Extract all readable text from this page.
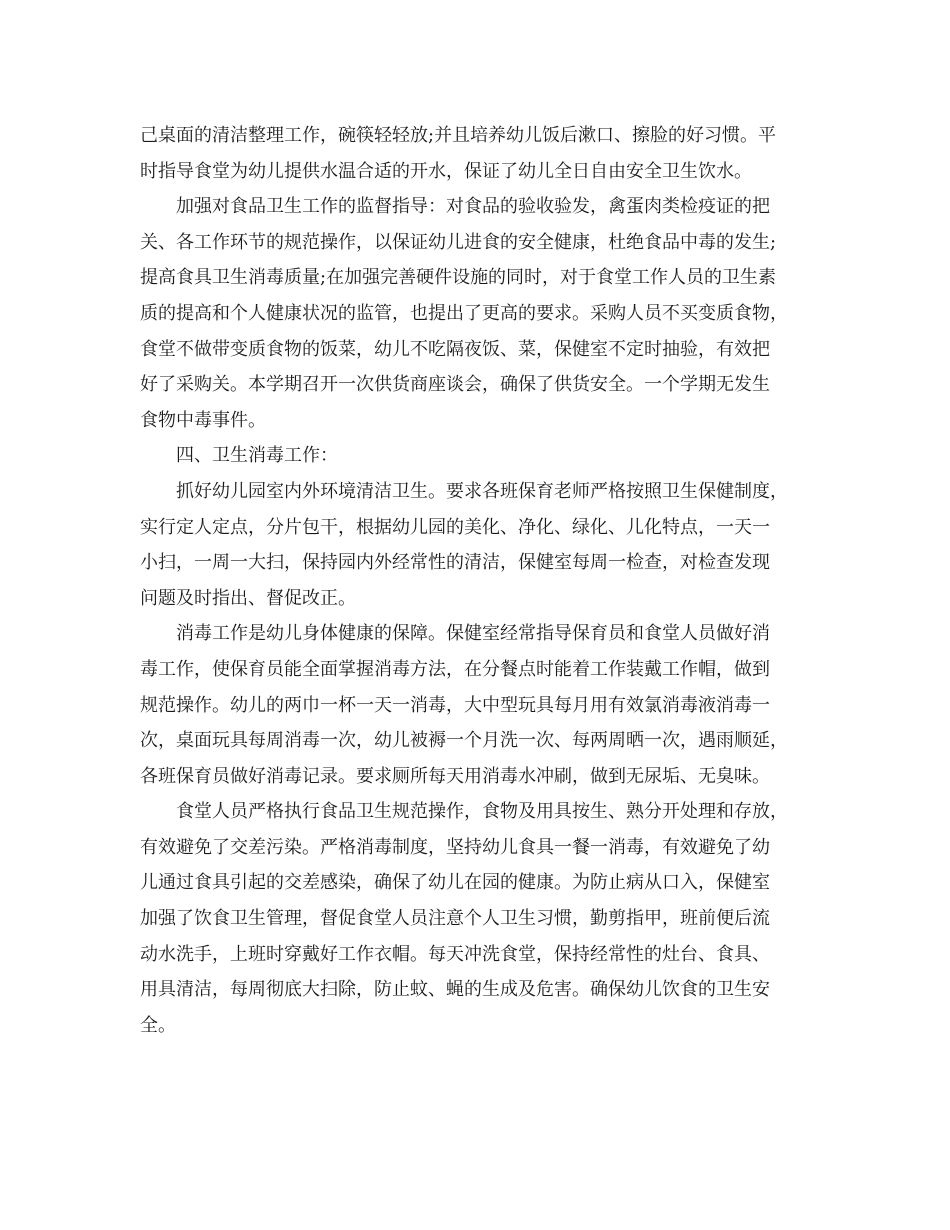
己桌面的清洁整理工作，碗筷轻轻放;并且培养幼儿饭后漱口、擦脸的好习惯。平
时指导食堂为幼儿提供水温合适的开水，保证了幼儿全日自由安全卫生饮水。
加强对食品卫生工作的监督指导：对食品的验收验发，禽蛋肉类检疫证的把
关、各工作环节的规范操作，以保证幼儿进食的安全健康，杜绝食品中毒的发生;
提高食具卫生消毒质量;在加强完善硬件设施的同时，对于食堂工作人员的卫生素
质的提高和个人健康状况的监管，也提出了更高的要求。采购人员不买变质食物，
食堂不做带变质食物的饭菜，幼儿不吃隔夜饭、菜，保健室不定时抽验，有效把
好了采购关。本学期召开一次供货商座谈会，确保了供货安全。一个学期无发生
食物中毒事件。
四、卫生消毒工作：
抓好幼儿园室内外环境清洁卫生。要求各班保育老师严格按照卫生保健制度，
实行定人定点，分片包干，根据幼儿园的美化、净化、绿化、儿化特点，一天一
小扫，一周一大扫，保持园内外经常性的清洁，保健室每周一检查，对检查发现
问题及时指出、督促改正。
消毒工作是幼儿身体健康的保障。保健室经常指导保育员和食堂人员做好消
毒工作，使保育员能全面掌握消毒方法，在分餐点时能着工作装戴工作帽，做到
规范操作。幼儿的两巾一杯一天一消毒，大中型玩具每月用有效氯消毒液消毒一
次，桌面玩具每周消毒一次，幼儿被褥一个月洗一次、每两周晒一次，遇雨顺延，
各班保育员做好消毒记录。要求厕所每天用消毒水冲刷，做到无尿垢、无臭味。
食堂人员严格执行食品卫生规范操作，食物及用具按生、熟分开处理和存放，
有效避免了交差污染。严格消毒制度，坚持幼儿食具一餐一消毒，有效避免了幼
儿通过食具引起的交差感染，确保了幼儿在园的健康。为防止病从口入，保健室
加强了饮食卫生管理，督促食堂人员注意个人卫生习惯，勤剪指甲，班前便后流
动水洗手，上班时穿戴好工作衣帽。每天冲洗食堂，保持经常性的灶台、食具、
用具清洁，每周彻底大扫除，防止蚊、蝇的生成及危害。确保幼儿饮食的卫生安
全。
